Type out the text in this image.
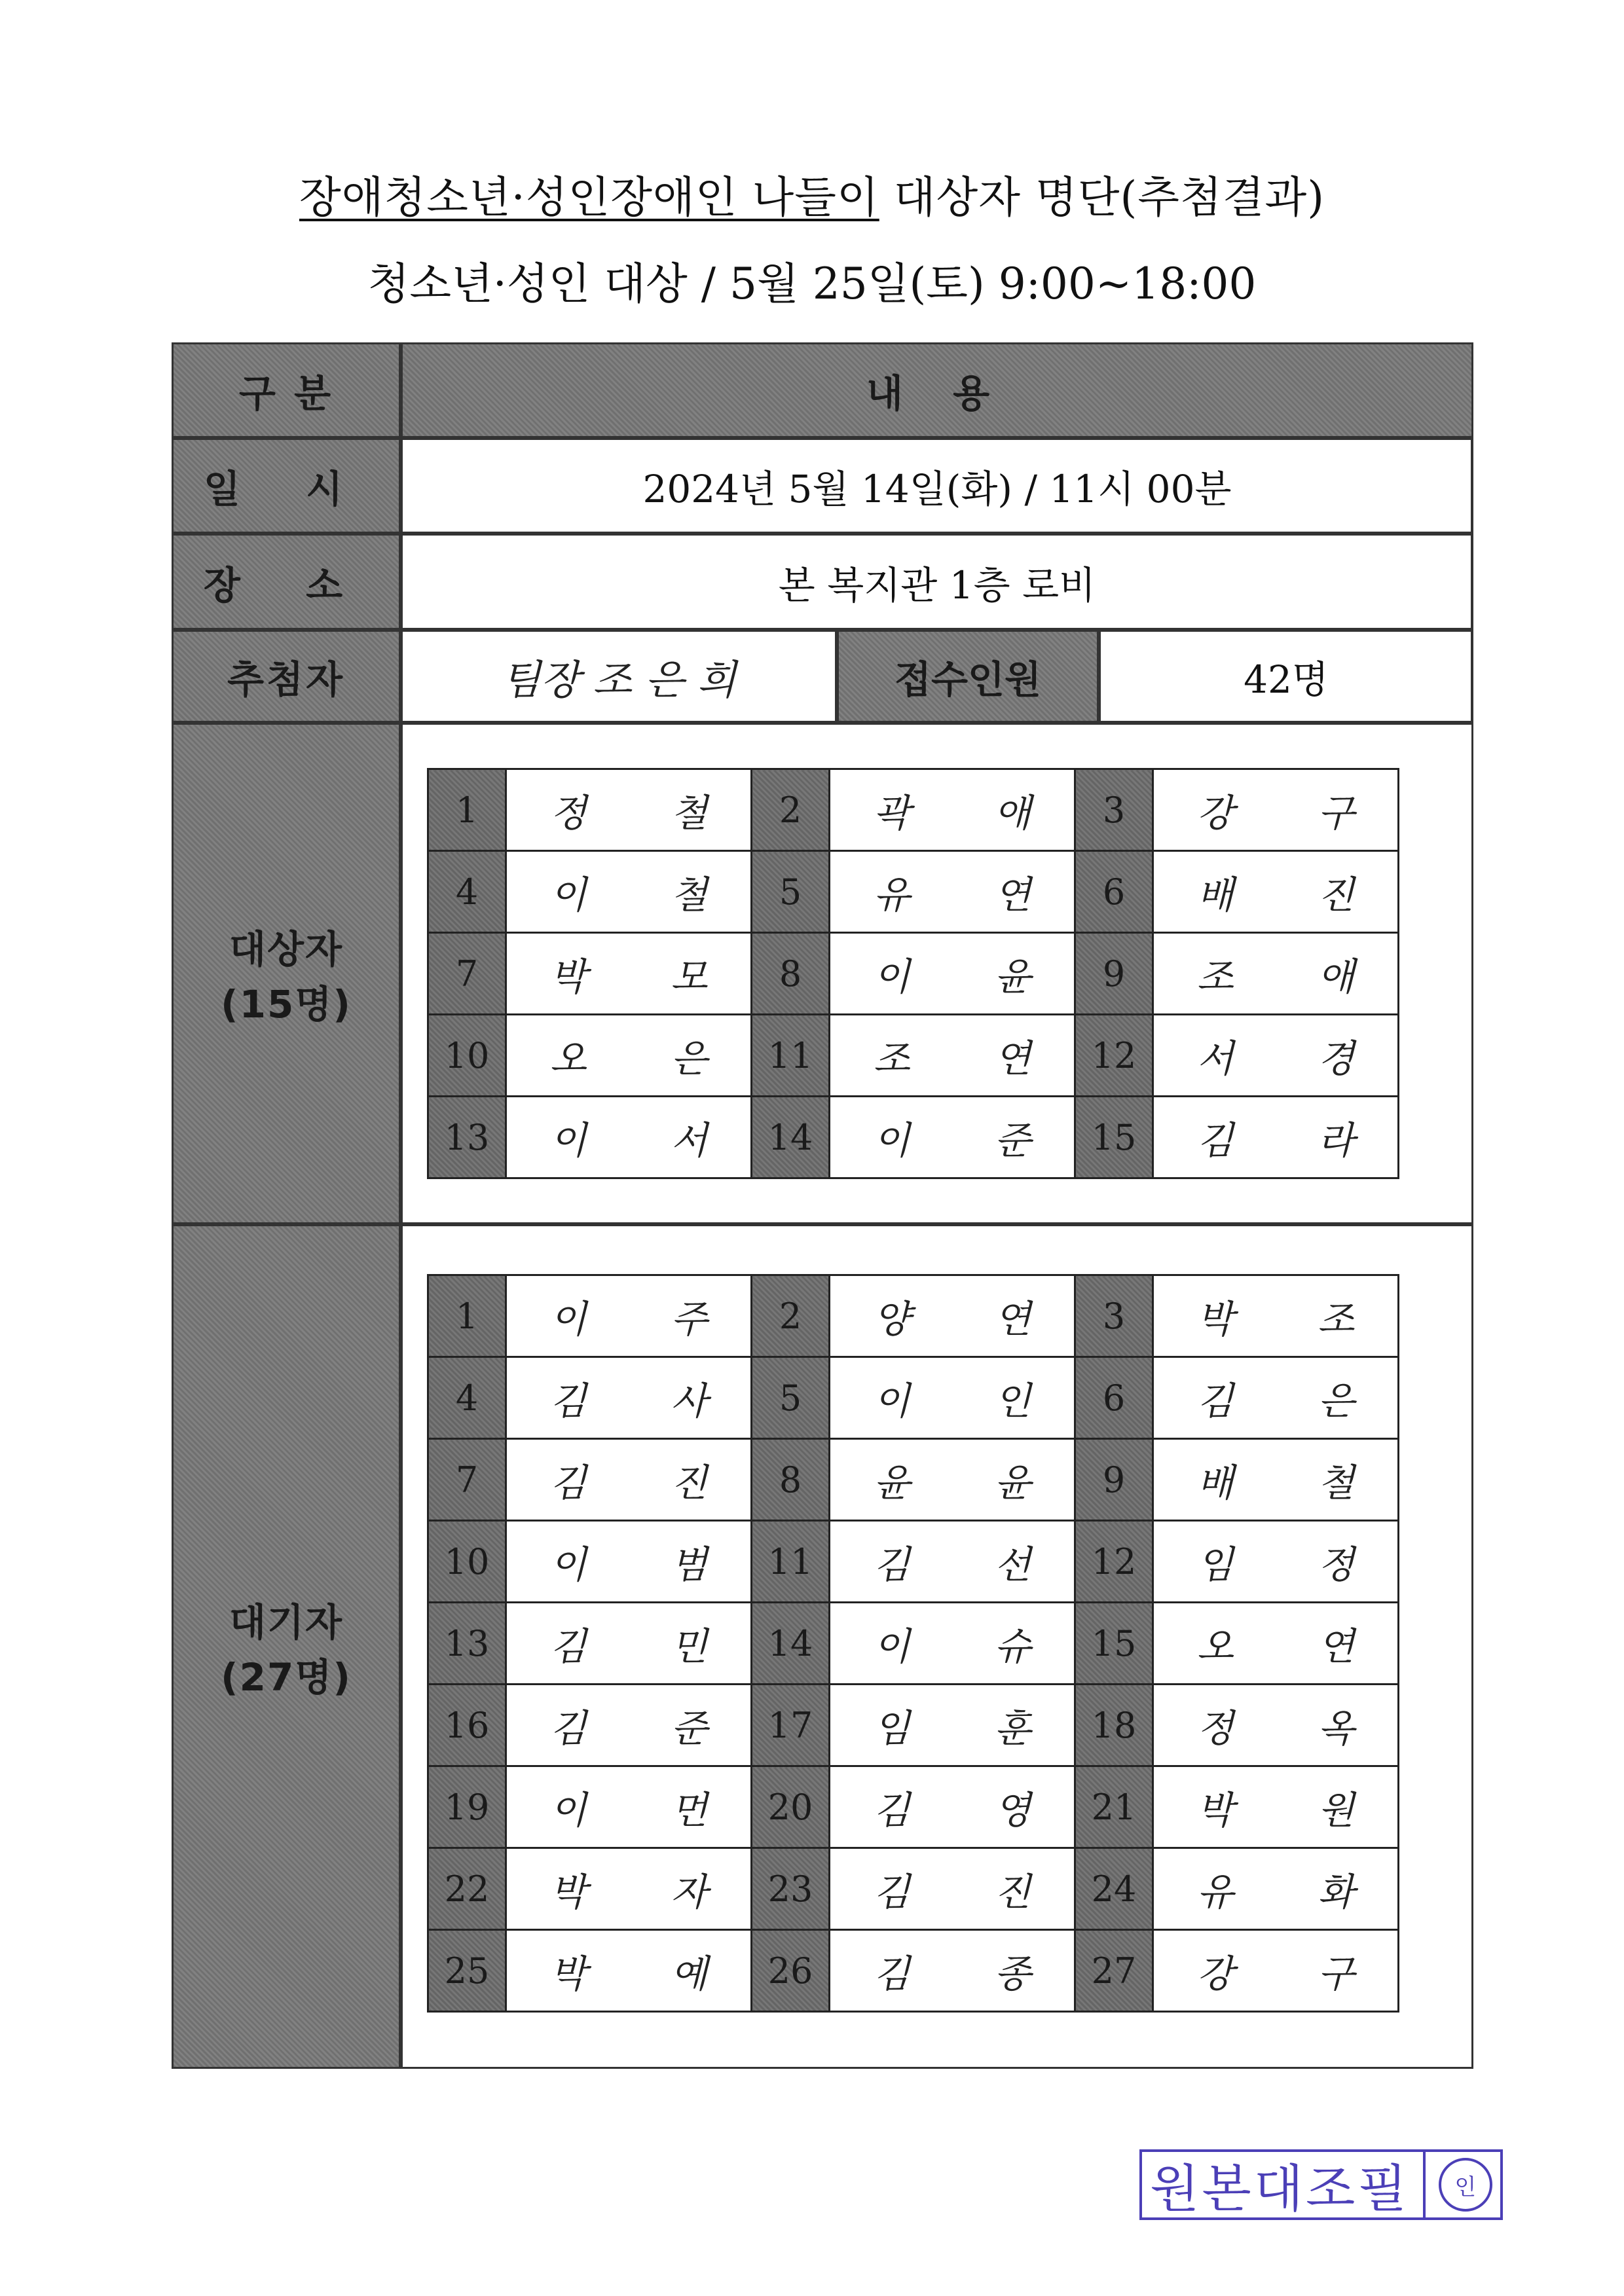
장애청소년·성인장애인 나들이 대상자 명단(추첨결과)
청소년·성인 대상 / 5월 25일(토) 9:00~18:00
구 분	내 용
일 시	2024년 5월 14일(화) / 11시 00분
장 소	본 복지관 1층 로비
추첨자	팀장 조 은 희	접수인원	42명
대상자
(15명)
1	정 철	2	곽 애	3	강 구
4	이 철	5	유 연	6	배 진
7	박 모	8	이 윤	9	조 애
10	오 은	11	조 연	12	서 경
13	이 서	14	이 준	15	김 라
대기자
(27명)
1	이 주	2	양 연	3	박 조
4	김 사	5	이 인	6	김 은
7	김 진	8	윤 윤	9	배 철
10	이 범	11	김 선	12	임 정
13	김 민	14	이 슈	15	오 연
16	김 준	17	임 훈	18	정 옥
19	이 먼	20	김 영	21	박 원
22	박 자	23	김 진	24	유 화
25	박 예	26	김 종	27	강 구
원본대조필	인
